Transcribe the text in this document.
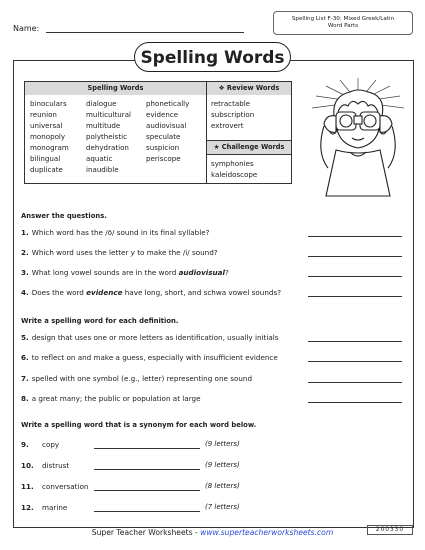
Name:
Spelling List F-30: Mixed Greek/Latin
Word Parts
Spelling Words
Spelling Words
binoculars
reunion
universal
monopoly
monogram
bilingual
duplicate
dialogue
multicultural
multitude
polytheistic
dehydration
aquatic
inaudible
phonetically
evidence
audiovisual
speculate
suspicion
periscope

❖ Review Words
retractable
subscription
extrovert
★ Challenge Words
symphonies
kaleidoscope
Answer the questions.
1. Which word has the /ō/ sound in its final syllable?
2. Which word uses the letter y to make the /i/ sound?
3. What long vowel sounds are in the word audiovisual?
4. Does the word evidence have long, short, and schwa vowel sounds?
Write a spelling word for each definition.
5. design that uses one or more letters as identification, usually initials
6. to reflect on and make a guess, especially with insufficient evidence
7. spelled with one symbol (e.g., letter) representing one sound
8. a great many; the public or population at large
Write a spelling word that is a synonym for each word below.
9. copy	(9 letters)
10. distrust	(9 letters)
11. conversation	(8 letters)
12. marine	(7 letters)
200330
Super Teacher Worksheets - www.superteacherworksheets.com
